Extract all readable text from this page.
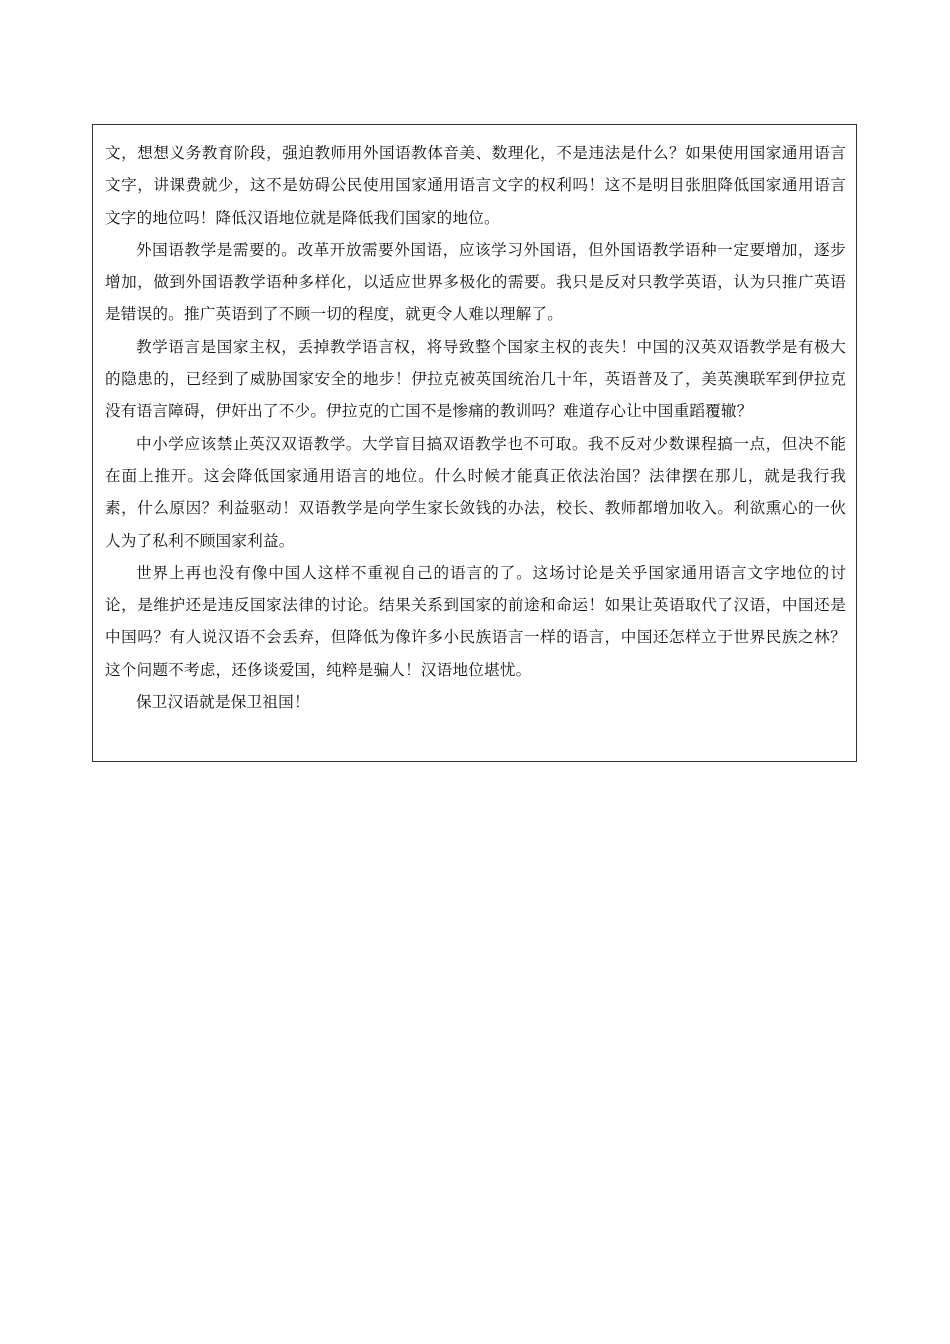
文，想想义务教育阶段，强迫教师用外国语教体音美、数理化，不是违法是什么？如果使用国家通用语言文字，讲课费就少，这不是妨碍公民使用国家通用语言文字的权利吗！这不是明目张胆降低国家通用语言文字的地位吗！降低汉语地位就是降低我们国家的地位。

外国语教学是需要的。改革开放需要外国语，应该学习外国语，但外国语教学语种一定要增加，逐步增加，做到外国语教学语种多样化，以适应世界多极化的需要。我只是反对只教学英语，认为只推广英语是错误的。推广英语到了不顾一切的程度，就更令人难以理解了。

教学语言是国家主权，丢掉教学语言权，将导致整个国家主权的丧失！中国的汉英双语教学是有极大的隐患的，已经到了威胁国家安全的地步！伊拉克被英国统治几十年，英语普及了，美英澳联军到伊拉克没有语言障碍，伊奸出了不少。伊拉克的亡国不是惨痛的教训吗？难道存心让中国重蹈覆辙？

中小学应该禁止英汉双语教学。大学盲目搞双语教学也不可取。我不反对少数课程搞一点，但决不能在面上推开。这会降低国家通用语言的地位。什么时候才能真正依法治国？法律摆在那儿，就是我行我素，什么原因？利益驱动！双语教学是向学生家长敛钱的办法，校长、教师都增加收入。利欲熏心的一伙人为了私利不顾国家利益。

世界上再也没有像中国人这样不重视自己的语言的了。这场讨论是关乎国家通用语言文字地位的讨论，是维护还是违反国家法律的讨论。结果关系到国家的前途和命运！如果让英语取代了汉语，中国还是中国吗？有人说汉语不会丢弃，但降低为像许多小民族语言一样的语言，中国还怎样立于世界民族之林？这个问题不考虑，还侈谈爱国，纯粹是骗人！汉语地位堪忧。

保卫汉语就是保卫祖国！
